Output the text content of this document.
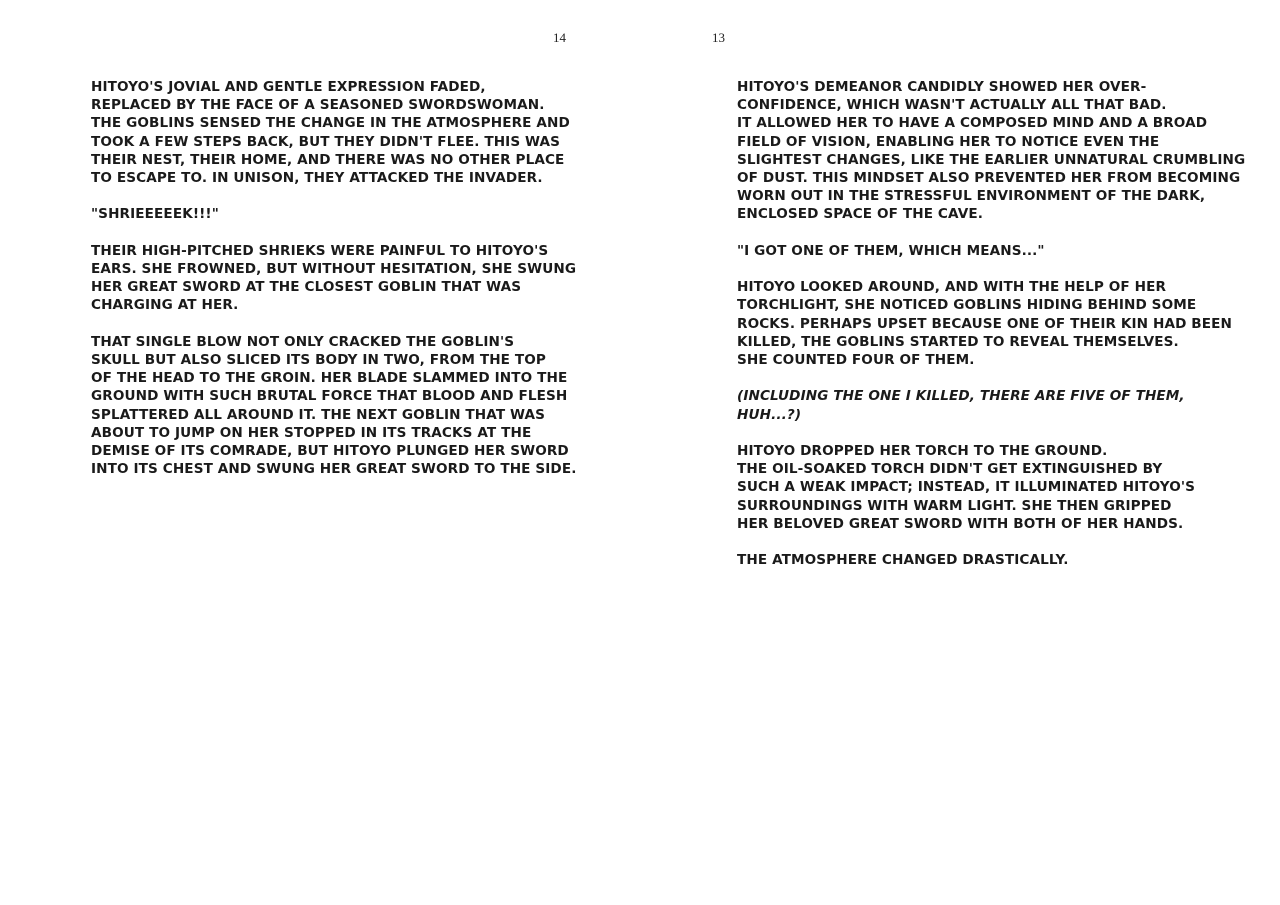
14

HITOYO'S JOVIAL AND GENTLE EXPRESSION FADED,
REPLACED BY THE FACE OF A SEASONED SWORDSWOMAN.
THE GOBLINS SENSED THE CHANGE IN THE ATMOSPHERE AND
TOOK A FEW STEPS BACK, BUT THEY DIDN'T FLEE. THIS WAS
THEIR NEST, THEIR HOME, AND THERE WAS NO OTHER PLACE
TO ESCAPE TO. IN UNISON, THEY ATTACKED THE INVADER.

"SHRIEEEEEK!!!"

THEIR HIGH-PITCHED SHRIEKS WERE PAINFUL TO HITOYO'S
EARS. SHE FROWNED, BUT WITHOUT HESITATION, SHE SWUNG
HER GREAT SWORD AT THE CLOSEST GOBLIN THAT WAS
CHARGING AT HER.

THAT SINGLE BLOW NOT ONLY CRACKED THE GOBLIN'S
SKULL BUT ALSO SLICED ITS BODY IN TWO, FROM THE TOP
OF THE HEAD TO THE GROIN. HER BLADE SLAMMED INTO THE
GROUND WITH SUCH BRUTAL FORCE THAT BLOOD AND FLESH
SPLATTERED ALL AROUND IT. THE NEXT GOBLIN THAT WAS
ABOUT TO JUMP ON HER STOPPED IN ITS TRACKS AT THE
DEMISE OF ITS COMRADE, BUT HITOYO PLUNGED HER SWORD
INTO ITS CHEST AND SWUNG HER GREAT SWORD TO THE SIDE.

13

HITOYO'S DEMEANOR CANDIDLY SHOWED HER OVER-
CONFIDENCE, WHICH WASN'T ACTUALLY ALL THAT BAD.
IT ALLOWED HER TO HAVE A COMPOSED MIND AND A BROAD
FIELD OF VISION, ENABLING HER TO NOTICE EVEN THE
SLIGHTEST CHANGES, LIKE THE EARLIER UNNATURAL CRUMBLING
OF DUST. THIS MINDSET ALSO PREVENTED HER FROM BECOMING
WORN OUT IN THE STRESSFUL ENVIRONMENT OF THE DARK,
ENCLOSED SPACE OF THE CAVE.

"I GOT ONE OF THEM, WHICH MEANS..."

HITOYO LOOKED AROUND, AND WITH THE HELP OF HER
TORCHLIGHT, SHE NOTICED GOBLINS HIDING BEHIND SOME
ROCKS. PERHAPS UPSET BECAUSE ONE OF THEIR KIN HAD BEEN
KILLED, THE GOBLINS STARTED TO REVEAL THEMSELVES.
SHE COUNTED FOUR OF THEM.

(INCLUDING THE ONE I KILLED, THERE ARE FIVE OF THEM,
HUH...?)

HITOYO DROPPED HER TORCH TO THE GROUND.
THE OIL-SOAKED TORCH DIDN'T GET EXTINGUISHED BY
SUCH A WEAK IMPACT; INSTEAD, IT ILLUMINATED HITOYO'S
SURROUNDINGS WITH WARM LIGHT. SHE THEN GRIPPED
HER BELOVED GREAT SWORD WITH BOTH OF HER HANDS.

THE ATMOSPHERE CHANGED DRASTICALLY.
